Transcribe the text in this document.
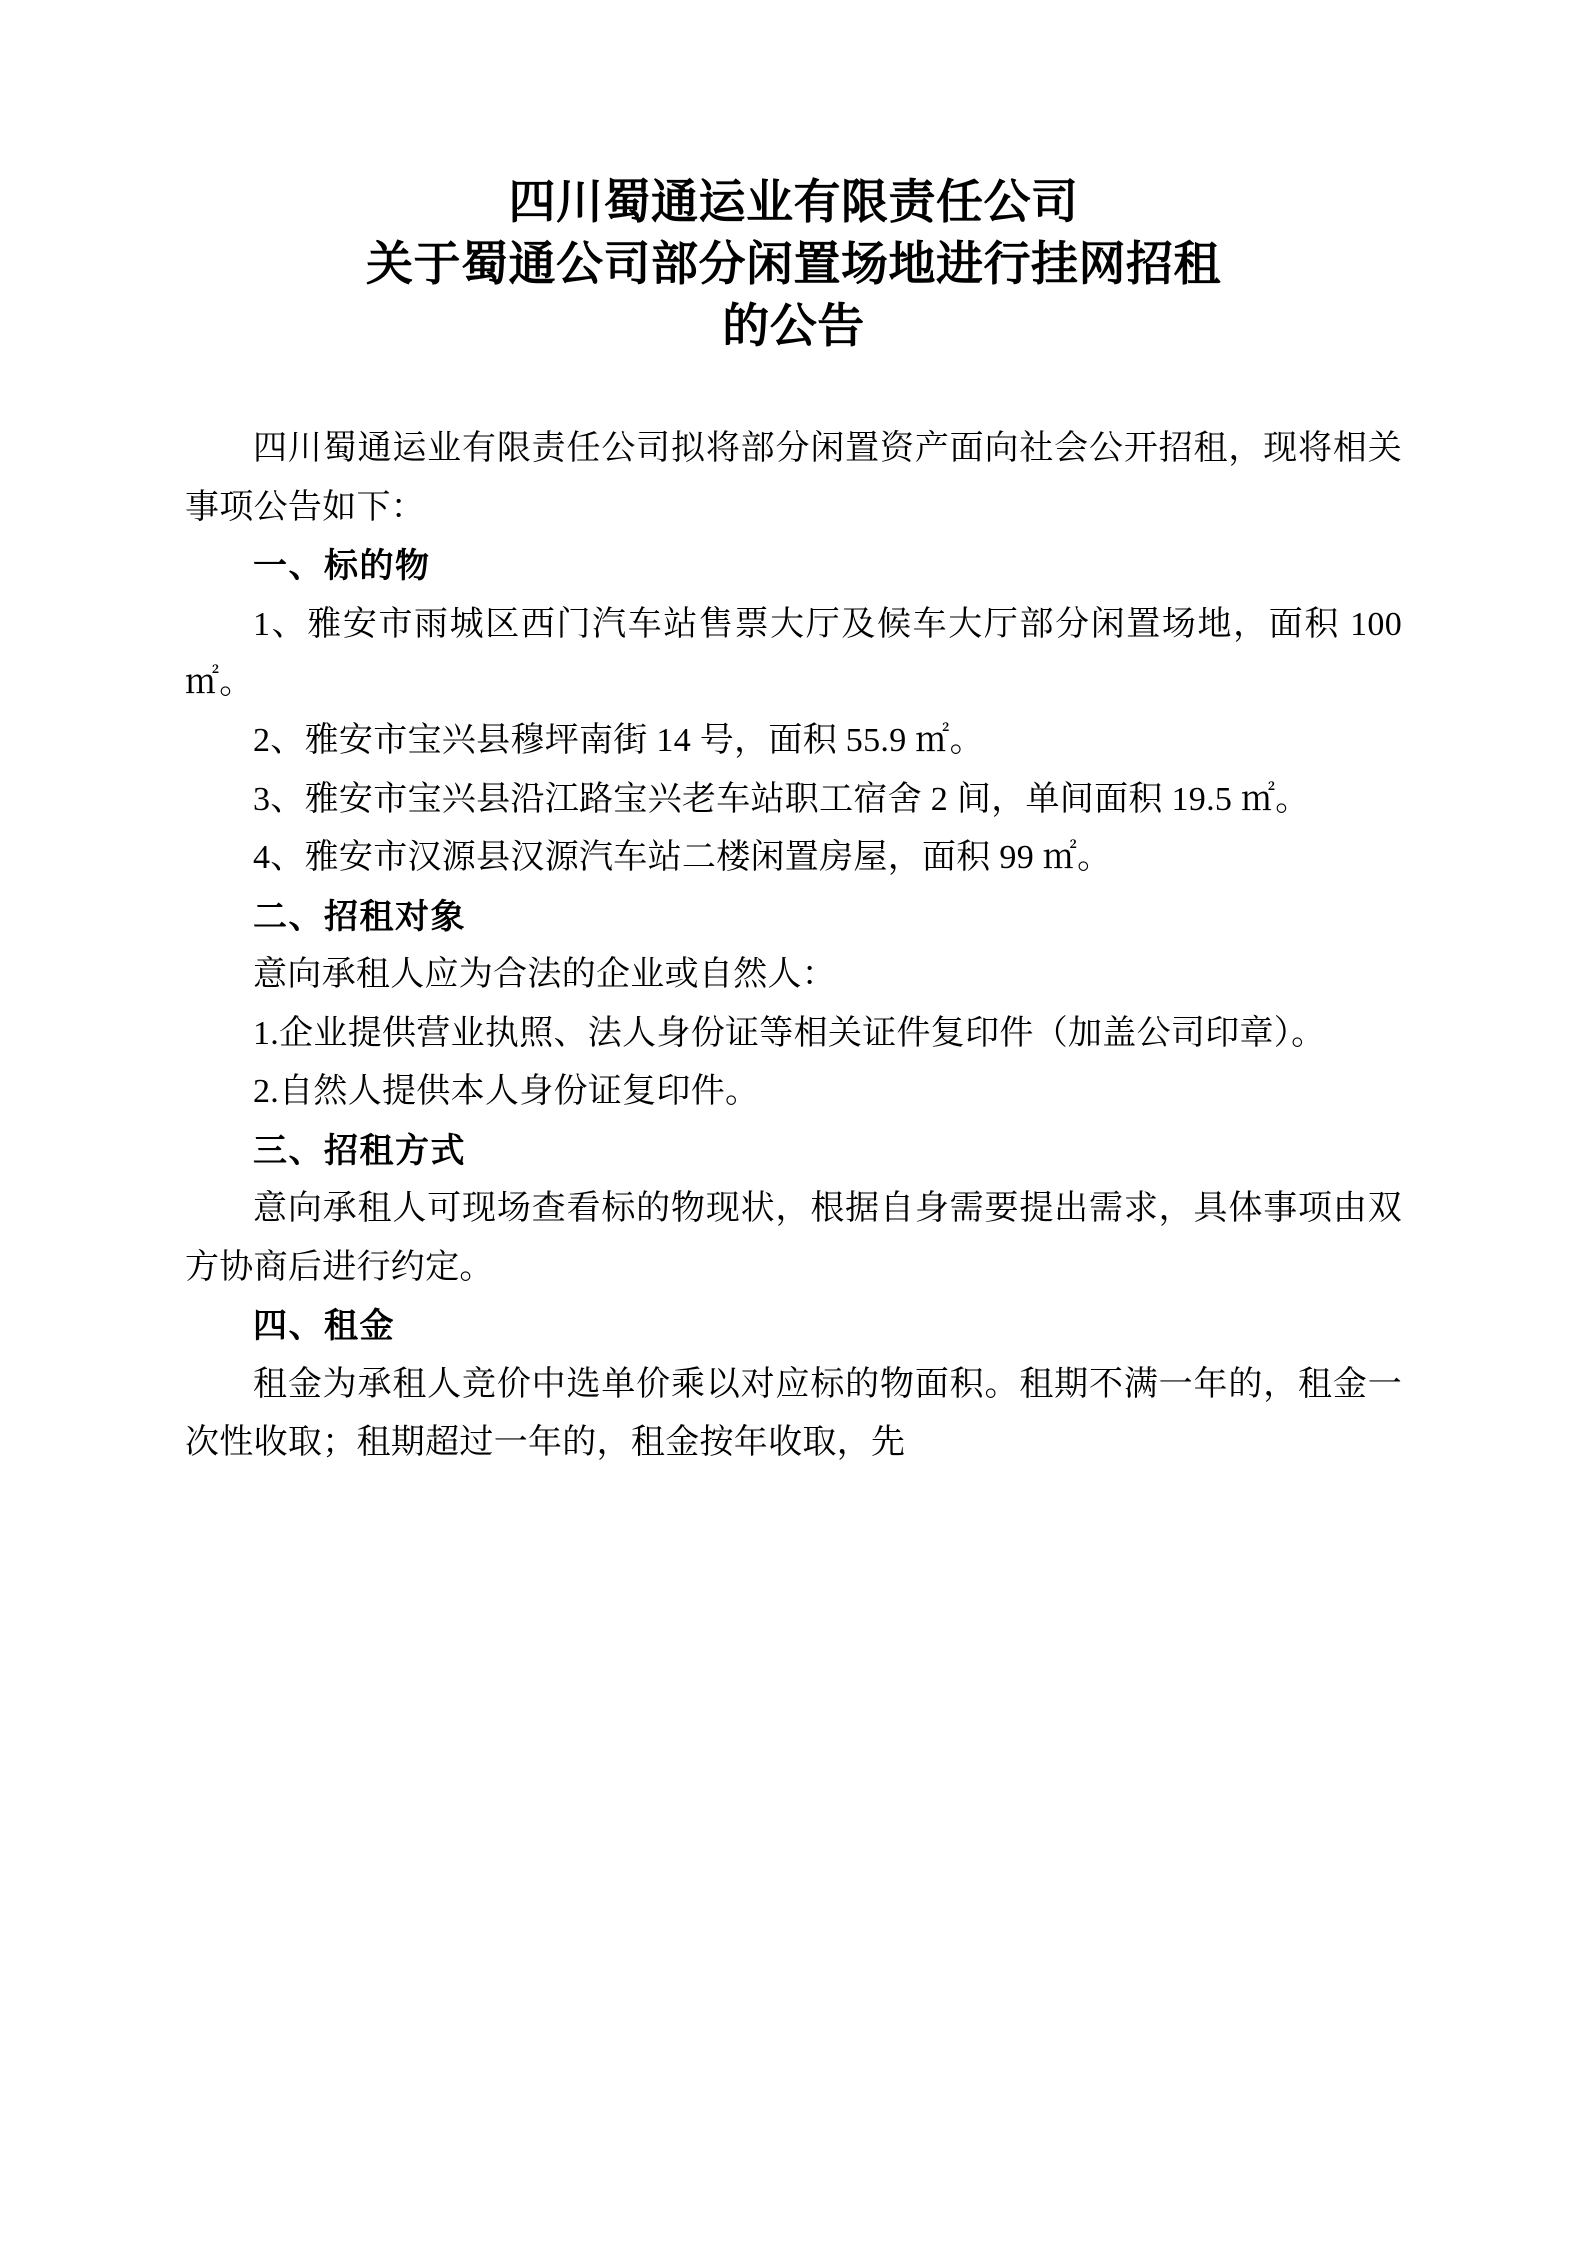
四川蜀通运业有限责任公司
关于蜀通公司部分闲置场地进行挂网招租
的公告

四川蜀通运业有限责任公司拟将部分闲置资产面向社会公开招租，现将相关事项公告如下：

一、标的物

1、雅安市雨城区西门汽车站售票大厅及候车大厅部分闲置场地，面积 100 ㎡。

2、雅安市宝兴县穆坪南街 14 号，面积 55.9 ㎡。

3、雅安市宝兴县沿江路宝兴老车站职工宿舍 2 间，单间面积 19.5 ㎡。

4、雅安市汉源县汉源汽车站二楼闲置房屋，面积 99 ㎡。

二、招租对象

意向承租人应为合法的企业或自然人：

1.企业提供营业执照、法人身份证等相关证件复印件（加盖公司印章）。

2.自然人提供本人身份证复印件。

三、招租方式

意向承租人可现场查看标的物现状，根据自身需要提出需求，具体事项由双方协商后进行约定。

四、租金

租金为承租人竞价中选单价乘以对应标的物面积。租期不满一年的，租金一次性收取；租期超过一年的，租金按年收取，先
